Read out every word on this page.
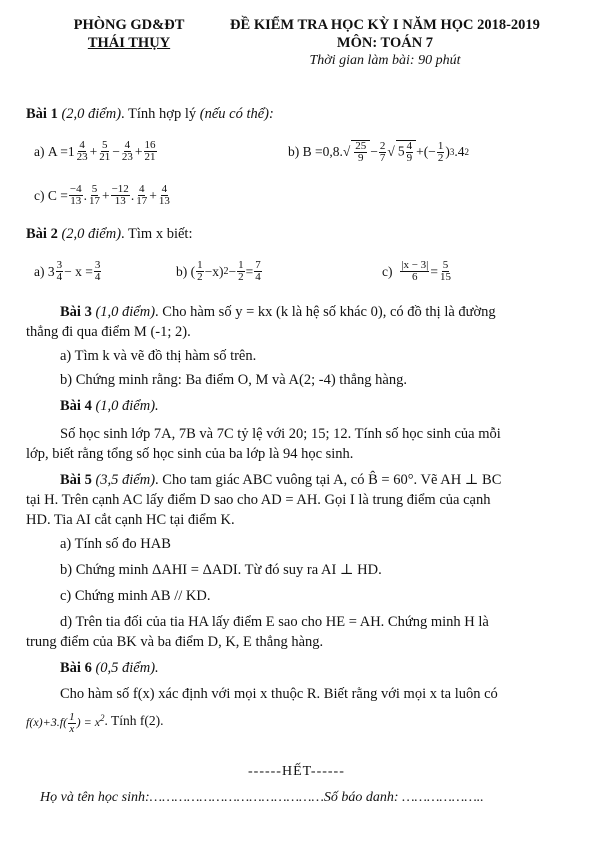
PHÒNG GD&ĐT
THÁI THỤY
ĐỀ KIỂM TRA HỌC KỲ I NĂM HỌC 2018-2019
MÔN: TOÁN 7
Thời gian làm bài: 90 phút
Bài 1 (2,0 điểm). Tính hợp lý (nếu có thể):
a) $A =1 \frac{4}{23} + \frac{5}{21} - \frac{4}{23} + \frac{16}{21}$	b) $B =0,8.√ \frac{25}{9} - \frac{2}{7}$ √ $5 \frac{4}{9}$ +(− $\frac{1}{2}$ ) 3 .4 2
c) $C = \frac{-4}{13}$ . $\frac{5}{17} + \frac{-12}{13}$ . $\frac{4}{17} + \frac{4}{13}$
Bài 2 (2,0 điểm). Tìm x biết:
a) $3 \frac{3}{4} - x = \frac{3}{4}$	b) ( $\frac{1}{2} -x$) $2 - \frac{1}{2} = \frac{7}{4}$	c)
$\frac{|x - 3|}{6} = \frac{5}{15}$
Bài 3 (1,0 điểm). Cho hàm số y = kx (k là hệ số khác 0), có đồ thị là đường
thẳng đi qua điểm M (-1; 2).
a) Tìm k và vẽ đồ thị hàm số trên.
b) Chứng minh rằng: Ba điểm O, M và A(2; -4) thẳng hàng.
Bài 4 (1,0 điểm).
Số học sinh lớp 7A, 7B và 7C tỷ lệ với 20; 15; 12. Tính số học sinh của mỗi
lớp, biết rằng tổng số học sinh của ba lớp là 94 học sinh.
Bài 5 (3,5 điểm). Cho tam giác ABC vuông tại A, có B̂ = 60°. Vẽ AH ⊥ BC
tại H. Trên cạnh AC lấy điểm D sao cho AD = AH. Gọi I là trung điểm của cạnh
HD. Tia AI cắt cạnh HC tại điểm K.
a) Tính số đo HAB
b) Chứng minh ΔAHI = ΔADI. Từ đó suy ra AI ⊥ HD.
c) Chứng minh AB // KD.
d) Trên tia đối của tia HA lấy điểm E sao cho HE = AH. Chứng minh H là
trung điểm của BK và ba điểm D, K, E thẳng hàng.
Bài 6 (0,5 điểm).
Cho hàm số f(x) xác định với mọi x thuộc R. Biết rằng với mọi x ta luôn có
$f(x)+3.f( \frac{1}{x}$ ) = $x^2$ . Tính f(2).
------HẾT------
Họ và tên học sinh:……………………………………Số báo danh: ………………..
